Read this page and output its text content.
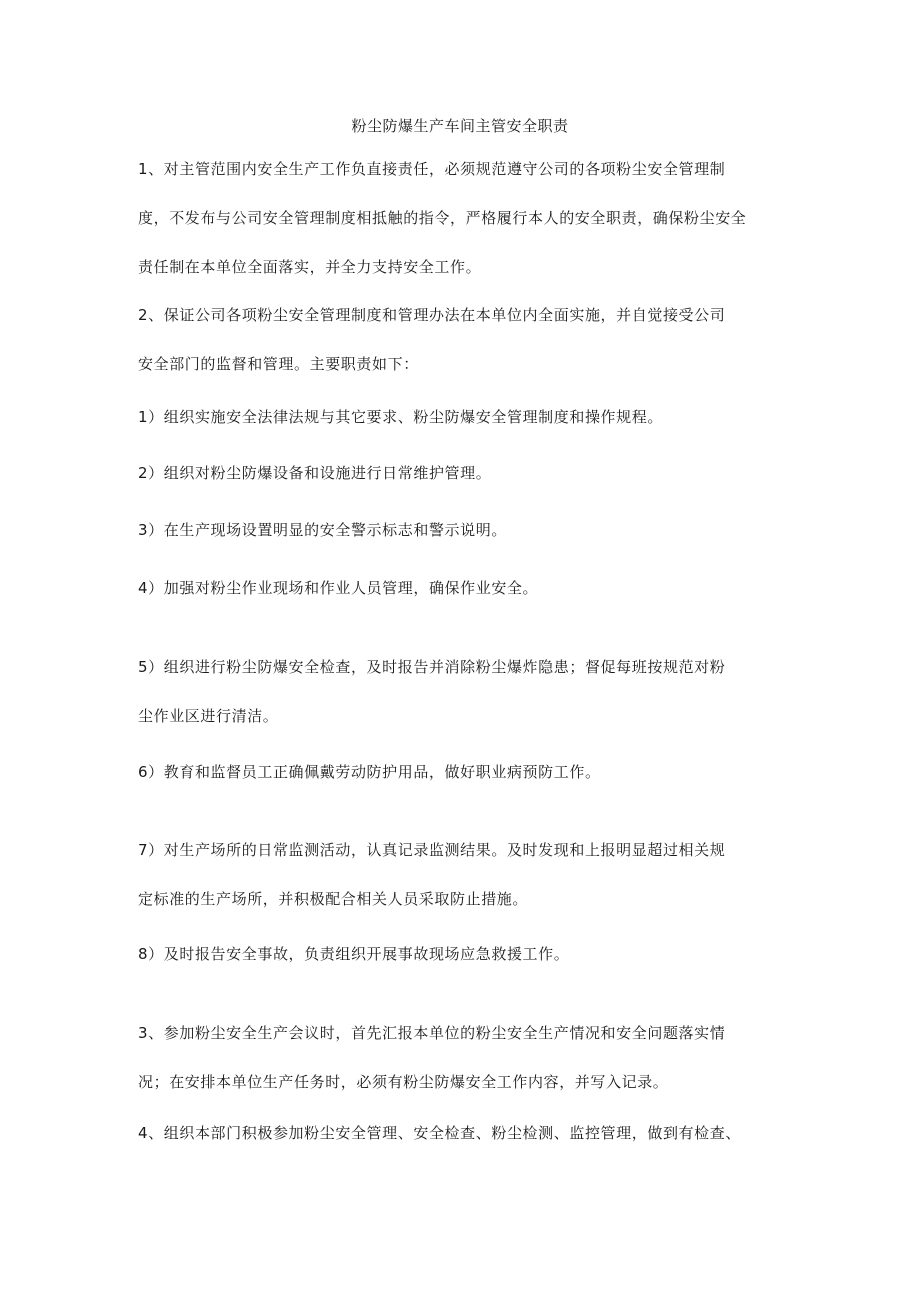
粉尘防爆生产车间主管安全职责
1、对主管范围内安全生产工作负直接责任，必须规范遵守公司的各项粉尘安全管理制
度，不发布与公司安全管理制度相抵触的指令，严格履行本人的安全职责，确保粉尘安全
责任制在本单位全面落实，并全力支持安全工作。
2、保证公司各项粉尘安全管理制度和管理办法在本单位内全面实施，并自觉接受公司
安全部门的监督和管理。主要职责如下：
1）组织实施安全法律法规与其它要求、粉尘防爆安全管理制度和操作规程。
2）组织对粉尘防爆设备和设施进行日常维护管理。
3）在生产现场设置明显的安全警示标志和警示说明。
4）加强对粉尘作业现场和作业人员管理，确保作业安全。
5）组织进行粉尘防爆安全检查，及时报告并消除粉尘爆炸隐患；督促每班按规范对粉
尘作业区进行清洁。
6）教育和监督员工正确佩戴劳动防护用品，做好职业病预防工作。
7）对生产场所的日常监测活动，认真记录监测结果。及时发现和上报明显超过相关规
定标准的生产场所，并积极配合相关人员采取防止措施。
8）及时报告安全事故，负责组织开展事故现场应急救援工作。
3、参加粉尘安全生产会议时，首先汇报本单位的粉尘安全生产情况和安全问题落实情
况；在安排本单位生产任务时，必须有粉尘防爆安全工作内容，并写入记录。
4、组织本部门积极参加粉尘安全管理、安全检查、粉尘检测、监控管理，做到有检查、
